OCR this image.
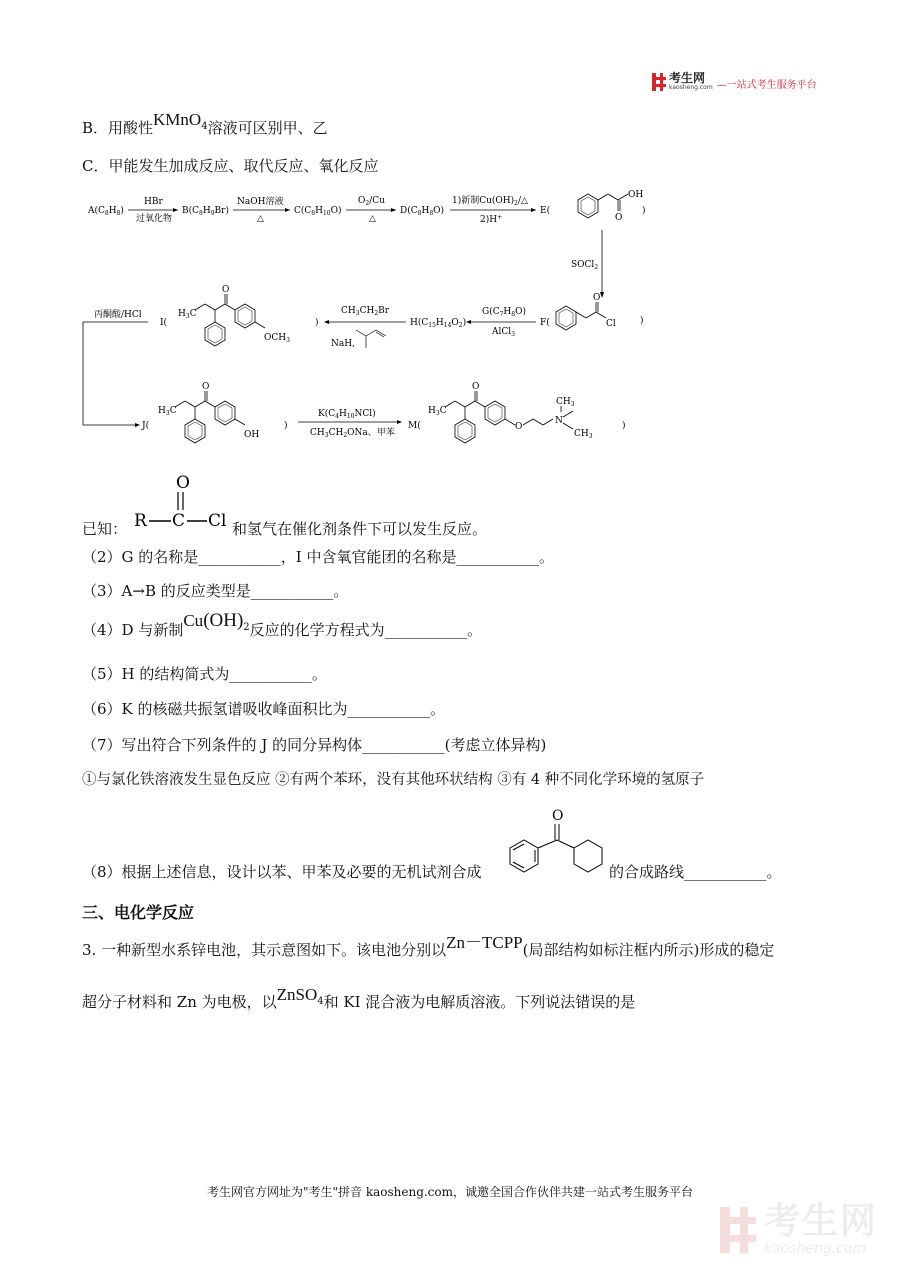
考生网
kaosheng.com —一站式考生服务平台
B．用酸性KMnO$_4$溶液可区别甲、乙
C．甲能发生加成反应、取代反应、氧化反应
$A(C_8H_8)$
HBr
过氧化物
$B(C_8H_9Br)$
NaOH溶液
△
$C(C_8H_{10}O)$
$O_2/Cu$
△
$D(C_8H_8O)$
1)新制$Cu(OH)_2/\triangle$
2)H+
E(
OH
O
)
SOCl$_2$
丙酮酸/HCl
I(
$H_3C$
O
$OCH_3$
)
$CH_3CH_2Br$
NaH,
$H(C_{15}H_{14}O_2)$
$G(C_7H_8O)$
AlCl$_3$
F(
O
Cl	)
J(
$H_3C$
O
OH
)
$K(C_4H_{10}NCl)$
$CH_3CH_2ONa$、甲苯
M(
$H_3C$
O
O
N
$CH_3$
$CH_3$
)
已知：
O
R C Cl 和氢气在催化剂条件下可以发生反应。
（2）G 的名称是___________，I 中含氧官能团的名称是___________。
（3）A→B 的反应类型是___________。
（4）D 与新制$Cu(OH)_2$反应的化学方程式为___________。
（5）H 的结构简式为___________。
（6）K 的核磁共振氢谱吸收峰面积比为___________。
（7）写出符合下列条件的 J 的同分异构体___________(考虑立体异构)
①与氯化铁溶液发生显色反应 ②有两个苯环，没有其他环状结构 ③有 4 种不同化学环境的氢原子
（8）根据上述信息，设计以苯、甲苯及必要的无机试剂合成
O
的合成路线___________。
三、电化学反应
3. 一种新型水系锌电池，其示意图如下。该电池分别以Zn－TCPP(局部结构如标注框内所示)形成的稳定
超分子材料和 Zn 为电极，以ZnSO$_4$和 KI 混合液为电解质溶液。下列说法错误的是
考生网官方网址为"考生"拼音 kaosheng.com，诚邀全国合作伙伴共建一站式考生服务平台
考生网
kaosheng.com
